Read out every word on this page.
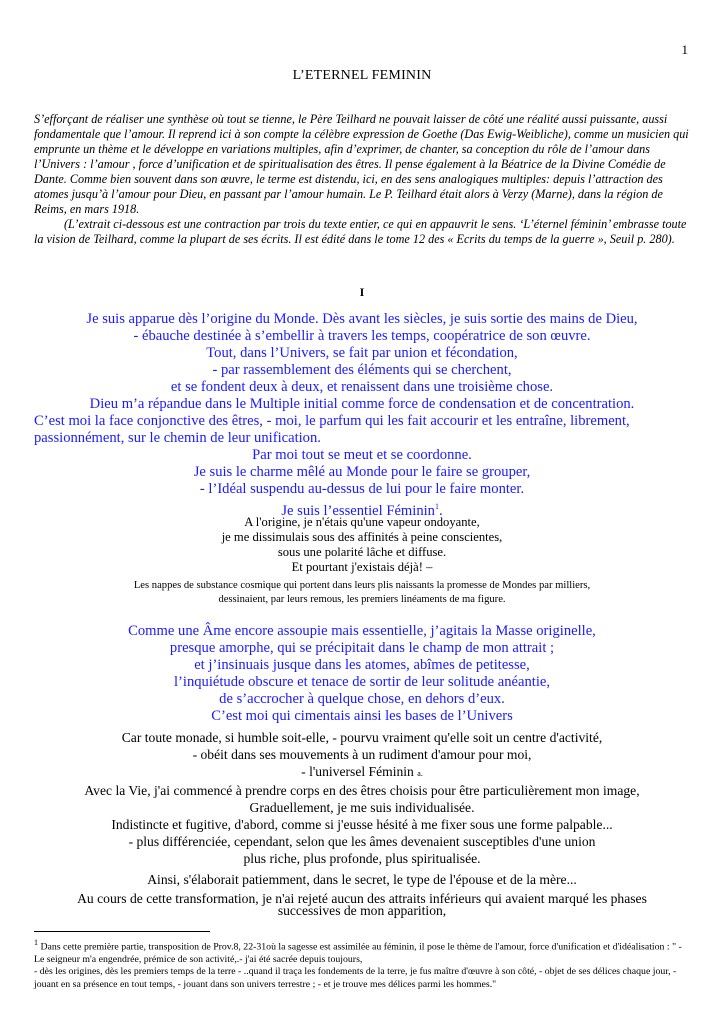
1
L’ETERNEL FEMININ

S’efforçant de réaliser une synthèse où tout se tienne, le Père Teilhard ne pouvait laisser de côté une réalité aussi puissante, aussi fondamentale que l’amour. Il reprend ici à son compte la célèbre expression de Goethe (Das Ewig-Weibliche), comme un musicien qui emprunte un thème et le développe en variations multiples, afin d’exprimer, de chanter, sa conception du rôle de l’amour dans l’Univers : l’amour , force d’unification et de spiritualisation des êtres. Il pense également à la Béatrice de la Divine Comédie de Dante. Comme bien souvent dans son œuvre, le terme est distendu, ici, en des sens analogiques multiples: depuis l’attraction des atomes jusqu’à l’amour pour Dieu, en passant par l’amour humain. Le P. Teilhard était alors à Verzy (Marne), dans la région de Reims, en mars 1918.

(L’extrait ci-dessous est une contraction par trois du texte entier, ce qui en appauvrit le sens. ‘L’éternel féminin’ embrasse toute la vision de Teilhard, comme la plupart de ses écrits. Il est édité dans le tome 12 des « Ecrits du temps de la guerre », Seuil p. 280).

I
Je suis apparue dès l’origine du Monde. Dès avant les siècles, je suis sortie des mains de Dieu,
- ébauche destinée à s’embellir à travers les temps, coopératrice de son œuvre.
Tout, dans l’Univers, se fait par union et fécondation,
- par rassemblement des éléments qui se cherchent,
et se fondent deux à deux, et renaissent dans une troisième chose.
Dieu m’a répandue dans le Multiple initial comme force de condensation et de concentration.
C’est moi la face conjonctive des êtres, - moi, le parfum qui les fait accourir et les entraîne, librement, passionnément, sur le chemin de leur unification.
Par moi tout se meut et se coordonne.
Je suis le charme mêlé au Monde pour le faire se grouper,
- l’Idéal suspendu au-dessus de lui pour le faire monter.
Je suis l’essentiel Féminin$^1$.
A l'origine, je n'étais qu'une vapeur ondoyante,
je me dissimulais sous des affinités à peine conscientes,
sous une polarité lâche et diffuse.
Et pourtant j'existais déjà! –
Les nappes de substance cosmique qui portent dans leurs plis naissants la promesse de Mondes par milliers,
dessinaient, par leurs remous, les premiers linéaments de ma figure.
Comme une Âme encore assoupie mais essentielle, j’agitais la Masse originelle,
presque amorphe, qui se précipitait dans le champ de mon attrait ;
et j’insinuais jusque dans les atomes, abîmes de petitesse,
l’inquiétude obscure et tenace de sortir de leur solitude anéantie,
de s’accrocher à quelque chose, en dehors d’eux.
C’est moi qui cimentais ainsi les bases de l’Univers
Car toute monade, si humble soit-elle, - pourvu vraiment qu'elle soit un centre d'activité,
- obéit dans ses mouvements à un rudiment d'amour pour moi,
- l'universel Féminin a.
Avec la Vie, j'ai commencé à prendre corps en des êtres choisis pour être particulièrement mon image,
Graduellement, je me suis individualisée.
Indistincte et fugitive, d'abord, comme si j'eusse hésité à me fixer sous une forme palpable...
- plus différenciée, cependant, selon que les âmes devenaient susceptibles d'une union
plus riche, plus profonde, plus spiritualisée.
Ainsi, s'élaborait patiemment, dans le secret, le type de l'épouse et de la mère...
Au cours de cette transformation, je n'ai rejeté aucun des attraits inférieurs qui avaient marqué les phases
successives de mon apparition,

$^1$ Dans cette première partie, transposition de Prov.8, 22-31où la sagesse est assimilée au féminin, il pose le thème de l'amour, force d'unification et d'idéalisation : " - Le seigneur m'a engendrée, prémice de son activité,.- j'ai été sacrée depuis toujours,

- dès les origines, dès les premiers temps de la terre - ..quand il traça les fondements de la terre, je fus maître d'œuvre à son côté, - objet de ses délices chaque jour, - jouant en sa présence en tout temps, - jouant dans son univers terrestre ; - et je trouve mes délices parmi les hommes."
